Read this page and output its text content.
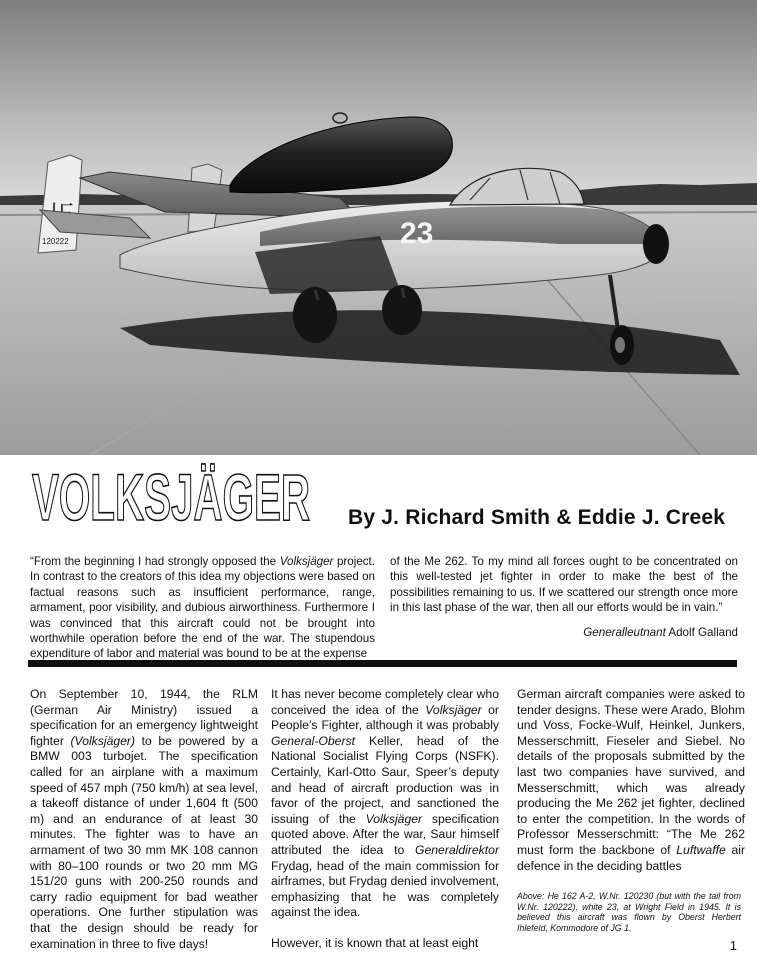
120222	23
VOLKSJÄGER By J. Richard Smith & Eddie J. Creek
“From the beginning I had strongly opposed the Volksjäger project. In contrast to the creators of this idea my objections were based on factual reasons such as insufficient performance, range, armament, poor visibility, and dubious airworthiness. Furthermore I was convinced that this aircraft could not be brought into worthwhile operation before the end of the war. The stupendous expenditure of labor and material was bound to be at the expense
of the Me 262. To my mind all forces ought to be concentrated on this well-tested jet fighter in order to make the best of the possibilities remaining to us. If we scattered our strength once more in this last phase of the war, then all our efforts would be in vain.”
Generalleutnant Adolf Galland

On September 10, 1944, the RLM (German Air Ministry) issued a specification for an emergency lightweight fighter (Volksjäger) to be powered by a BMW 003 turbojet. The specification called for an airplane with a maximum speed of 457 mph (750 km/h) at sea level, a takeoff distance of under 1,604 ft (500 m) and an endurance of at least 30 minutes. The fighter was to have an armament of two 30 mm MK 108 cannon with 80–100 rounds or two 20 mm MG 151/20 guns with 200-250 rounds and carry radio equipment for bad weather operations. One further stipulation was that the design should be ready for examination in three to five days!

It has never become completely clear who conceived the idea of the Volksjäger or People’s Fighter, although it was probably General-Oberst Keller, head of the National Socialist Flying Corps (NSFK). Certainly, Karl-Otto Saur, Speer’s deputy and head of aircraft production was in favor of the project, and sanctioned the issuing of the Volksjäger specification quoted above. After the war, Saur himself attributed the idea to Generaldirektor Frydag, head of the main commission for airframes, but Frydag denied involvement, emphasizing that he was completely against the idea.

However, it is known that at least eight

German aircraft companies were asked to tender designs. These were Arado, Blohm und Voss, Focke-Wulf, Heinkel, Junkers, Messerschmitt, Fieseler and Siebel. No details of the proposals submitted by the last two companies have survived, and Messerschmitt, which was already producing the Me 262 jet fighter, declined to enter the competition. In the words of Professor Messerschmitt: “The Me 262 must form the backbone of Luftwaffe air defence in the deciding battles

Above: He 162 A-2, W.Nr. 120230 (but with the tail from W.Nr. 120222), white 23, at Wright Field in 1945. It is believed this aircraft was flown by Oberst Herbert Ihlefeld, Kommodore of JG 1.
1
